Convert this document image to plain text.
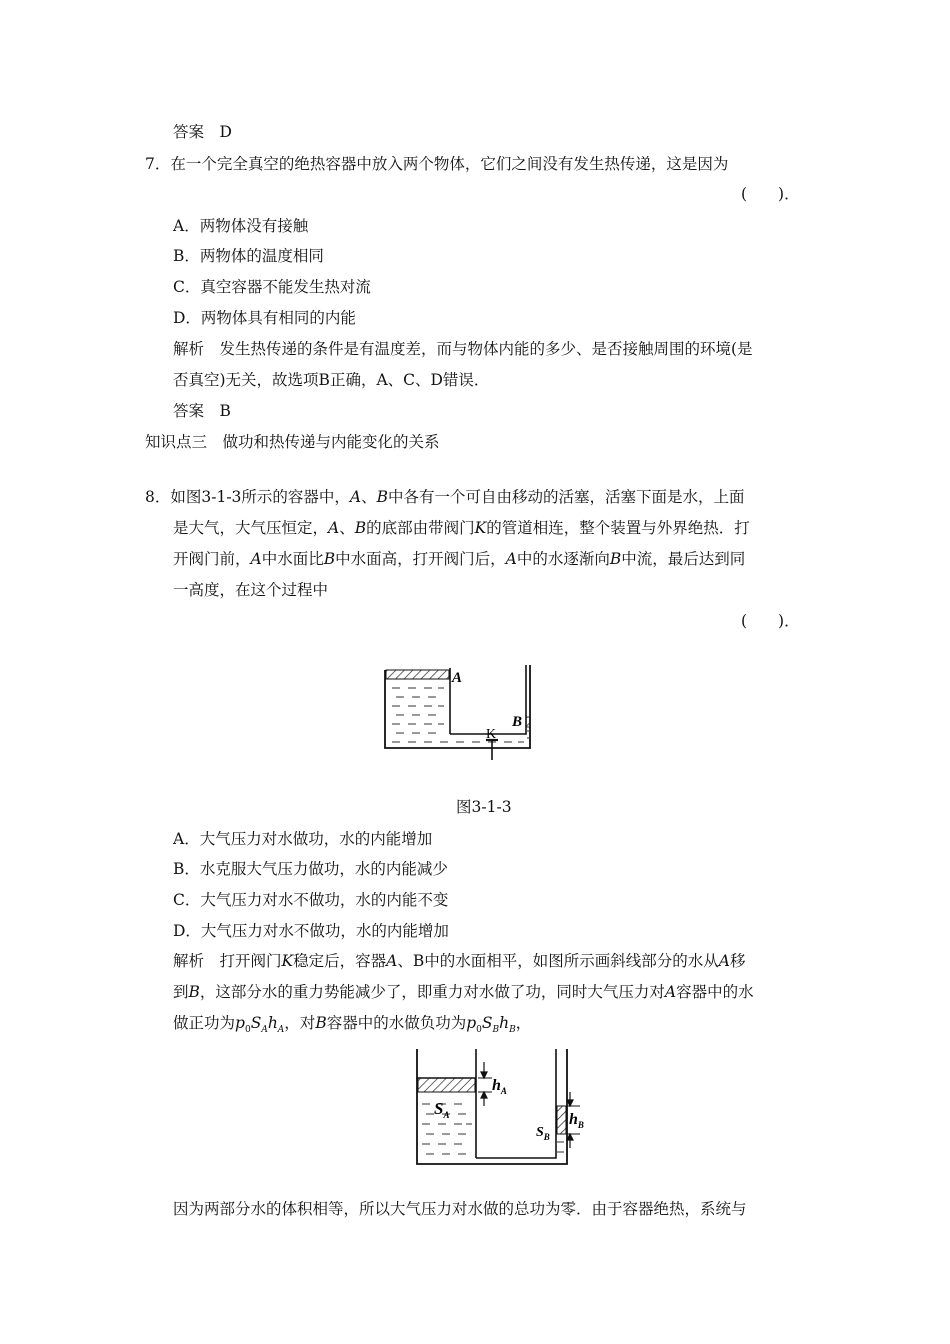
答案　D
7．在一个完全真空的绝热容器中放入两个物体，它们之间没有发生热传递，这是因为
(　　)．
A．两物体没有接触
B．两物体的温度相同
C．真空容器不能发生热对流
D．两物体具有相同的内能
解析　发生热传递的条件是有温度差，而与物体内能的多少、是否接触周围的环境(是
否真空)无关，故选项B正确，A、C、D错误．
答案　B
知识点三　做功和热传递与内能变化的关系
8．如图3-1-3所示的容器中，A、B中各有一个可自由移动的活塞，活塞下面是水，上面
是大气，大气压恒定，A、B的底部由带阀门K的管道相连，整个装置与外界绝热．打
开阀门前，A中水面比B中水面高，打开阀门后，A中的水逐渐向B中流，最后达到同
一高度，在这个过程中
(　　)．
A
B
K
图3-1-3
A．大气压力对水做功，水的内能增加
B．水克服大气压力做功，水的内能减少
C．大气压力对水不做功，水的内能不变
D．大气压力对水不做功，水的内能增加
解析　打开阀门K稳定后，容器A、B中的水面相平，如图所示画斜线部分的水从A移
到B，这部分水的重力势能减少了，即重力对水做了功，同时大气压力对A容器中的水
做正功为$p_0S_Ah_A$，对B容器中的水做负功为$p_0S_Bh_B$，
$h_A$
$S_A$
$S_B$
$h_B$
因为两部分水的体积相等，所以大气压力对水做的总功为零．由于容器绝热，系统与
